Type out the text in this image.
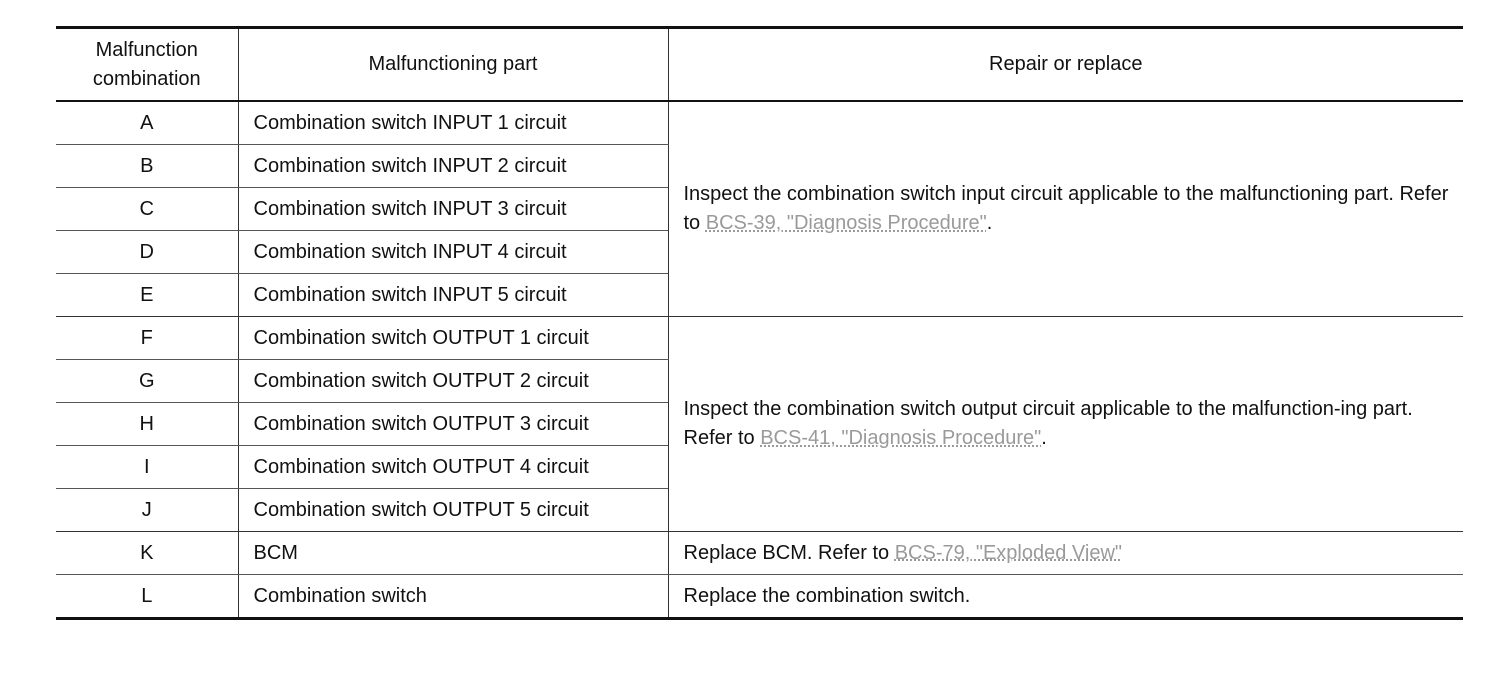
Malfunction
combination	Malfunctioning part	Repair or replace
A	Combination switch INPUT 1 circuit	Inspect the combination switch input circuit applicable to the malfunctioning part. Refer to BCS-39, "Diagnosis Procedure".
B	Combination switch INPUT 2 circuit	
C	Combination switch INPUT 3 circuit	
D	Combination switch INPUT 4 circuit	
E	Combination switch INPUT 5 circuit	
F	Combination switch OUTPUT 1 circuit	Inspect the combination switch output circuit applicable to the malfunction-ing part. Refer to BCS-41, "Diagnosis Procedure".
G	Combination switch OUTPUT 2 circuit	
H	Combination switch OUTPUT 3 circuit	
I	Combination switch OUTPUT 4 circuit	
J	Combination switch OUTPUT 5 circuit	
K	BCM	Replace BCM. Refer to BCS-79, "Exploded View"
L	Combination switch	Replace the combination switch.
